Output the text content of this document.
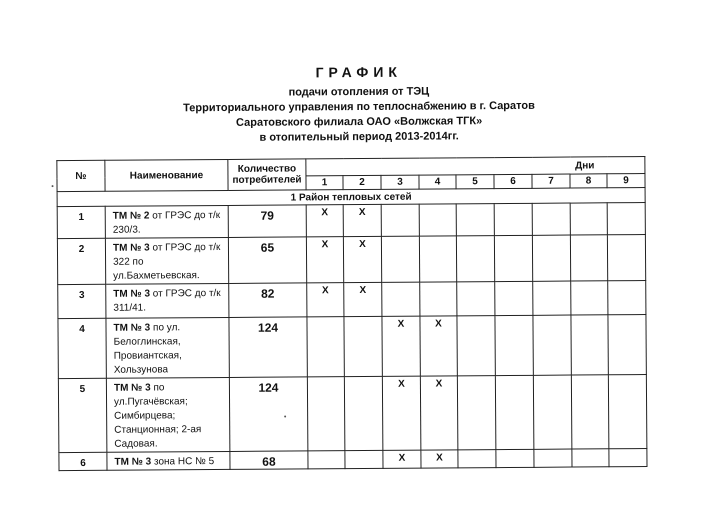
ГРАФИК
подачи отопления от ТЭЦ
Территориального управления по теплоснабжению в г. Саратов
Саратовского филиала ОАО «Волжская ТГК»
в отопительный период 2013-2014гг.
№	Наименование	Количество потребителей	Дни								
			1	2	3	4	5	6	7	8	9
1 Район тепловых сетей											
1	ТМ № 2 от ГРЭС до т/к 230/3.	79	X	X							
2	ТМ № 3 от ГРЭС до т/к 322 по ул.Бахметьевская.	65	X	X							
3	ТМ № 3 от ГРЭС до т/к 311/41.	82	X	X							
4	ТМ № 3 по ул. Белоглинская, Провиантская, Хользунова	124			X	X					
5	ТМ № 3 по ул.Пугачёвская; Симбирцева; Станционная; 2-ая Садовая.	124			X	X					
6	ТМ № 3 зона НС № 5	68			X	X					
